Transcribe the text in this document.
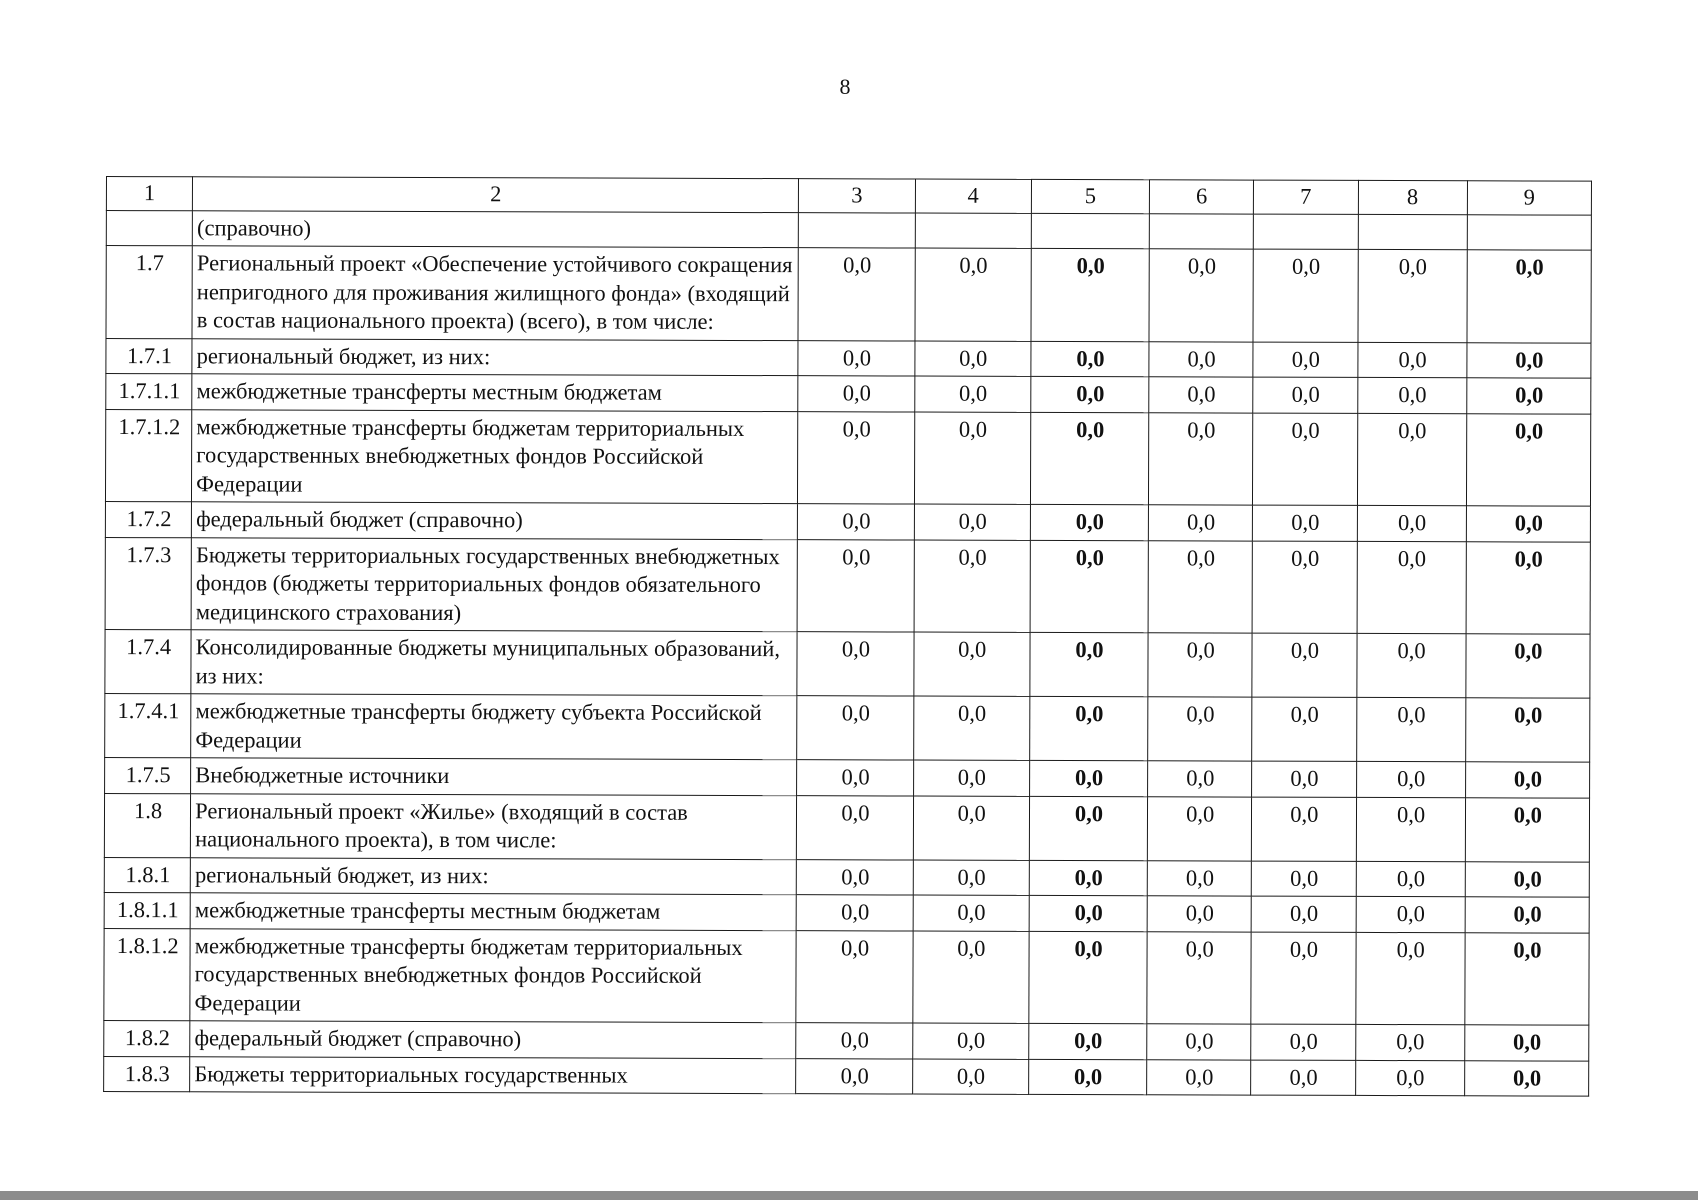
8
1	2	3	4	5	6	7	8	9
	(справочно)							
1.7	Региональный проект «Обеспечение устойчивого сокращения непригодного для проживания жилищного фонда» (входящий в состав национального проекта) (всего), в том числе:	0,0	0,0	0,0	0,0	0,0	0,0	0,0
1.7.1	региональный бюджет, из них:	0,0	0,0	0,0	0,0	0,0	0,0	0,0
1.7.1.1	межбюджетные трансферты местным бюджетам	0,0	0,0	0,0	0,0	0,0	0,0	0,0
1.7.1.2	межбюджетные трансферты бюджетам территориальных государственных внебюджетных фондов Российской Федерации	0,0	0,0	0,0	0,0	0,0	0,0	0,0
1.7.2	федеральный бюджет (справочно)	0,0	0,0	0,0	0,0	0,0	0,0	0,0
1.7.3	Бюджеты территориальных государственных внебюджетных фондов (бюджеты территориальных фондов обязательного медицинского страхования)	0,0	0,0	0,0	0,0	0,0	0,0	0,0
1.7.4	Консолидированные бюджеты муниципальных образований, из них:	0,0	0,0	0,0	0,0	0,0	0,0	0,0
1.7.4.1	межбюджетные трансферты бюджету субъекта Российской Федерации	0,0	0,0	0,0	0,0	0,0	0,0	0,0
1.7.5	Внебюджетные источники	0,0	0,0	0,0	0,0	0,0	0,0	0,0
1.8	Региональный проект «Жилье» (входящий в состав национального проекта), в том числе:	0,0	0,0	0,0	0,0	0,0	0,0	0,0
1.8.1	региональный бюджет, из них:	0,0	0,0	0,0	0,0	0,0	0,0	0,0
1.8.1.1	межбюджетные трансферты местным бюджетам	0,0	0,0	0,0	0,0	0,0	0,0	0,0
1.8.1.2	межбюджетные трансферты бюджетам территориальных государственных внебюджетных фондов Российской Федерации	0,0	0,0	0,0	0,0	0,0	0,0	0,0
1.8.2	федеральный бюджет (справочно)	0,0	0,0	0,0	0,0	0,0	0,0	0,0
1.8.3	Бюджеты территориальных государственных	0,0	0,0	0,0	0,0	0,0	0,0	0,0
